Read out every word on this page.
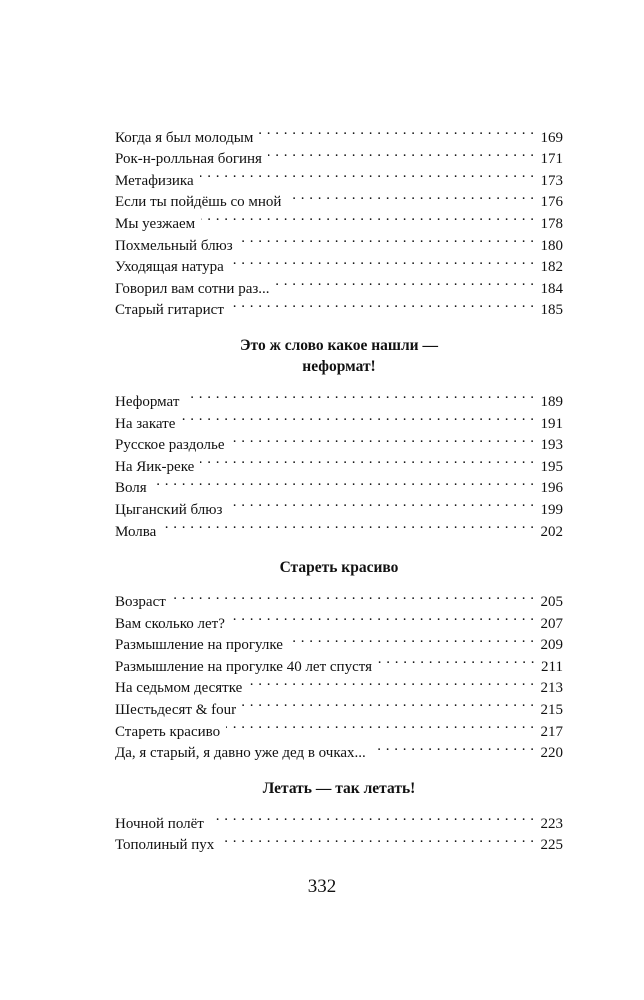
Когда я был молодым . . .	169
Рок-н-ролльная богиня . . .	171
Метафизика . . .	173
Если ты пойдёшь со мной . . .	176
Мы уезжаем . . .	178
Похмельный блюз . . .	180
Уходящая натура . . .	182
Говорил вам сотни раз... . . .	184
Старый гитарист . . .	185
Это ж слово какое нашли —
неформат!
Неформат . . .	189
На закате . . .	191
Русское раздолье . . .	193
На Яик-реке . . .	195
Воля . . .	196
Цыганский блюз . . .	199
Молва . . .	202
Стареть красиво
Возраст . . .	205
Вам сколько лет? . . .	207
Размышление на прогулке . . .	209
Размышление на прогулке 40 лет спустя . . .	211
На седьмом десятке . . .	213
Шестьдесят & four . . .	215
Стареть красиво . . .	217
Да, я старый, я давно уже дед в очках... . . .	220
Летать — так летать!
Ночной полёт . . .	223
Тополиный пух . . .	225
332
